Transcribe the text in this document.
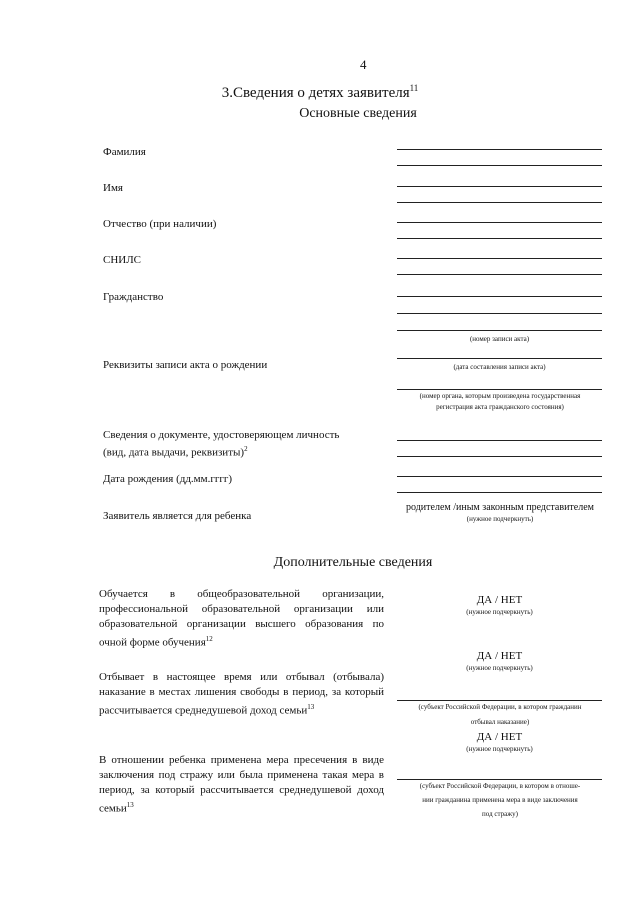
4
3.Сведения о детях заявителя$^{11}$
Основные сведения
Фамилия
Имя
Отчество (при наличии)
СНИЛС
Гражданство
Реквизиты записи акта о рождении
Сведения о документе, удостоверяющем личность
(вид, дата выдачи, реквизиты)$^2$
Дата рождения (дд.мм.гггг)
Заявитель является для ребенка
(номер записи акта)
(дата составления записи акта)
(номер органа, которым произведена государственная
регистрация акта гражданского состояния)
родителем /иным законным представителем
(нужное подчеркнуть)
Дополнительные сведения
Обучается в общеобразовательной организации, профессиональной образовательной организации или образовательной организации высшего образования по очной форме обучения$^{12}$
ДА / НЕТ
(нужное подчеркнуть)
ДА / НЕТ
(нужное подчеркнуть)
Отбывает в настоящее время или отбывал (отбывала) наказание в местах лишения свободы в период, за который рассчитывается среднедушевой доход семьи$^{13}$	(субъект Российской Федерации, в котором гражданин
отбывал наказание)
ДА / НЕТ
(нужное подчеркнуть)
В отношении ребенка применена мера пресечения в виде заключения под стражу или была применена такая мера в период, за который рассчитывается среднедушевой доход семьи$^{13}$
(субъект Российской Федерации, в котором в отноше-
нии гражданина применена мера в виде заключения
под стражу)
